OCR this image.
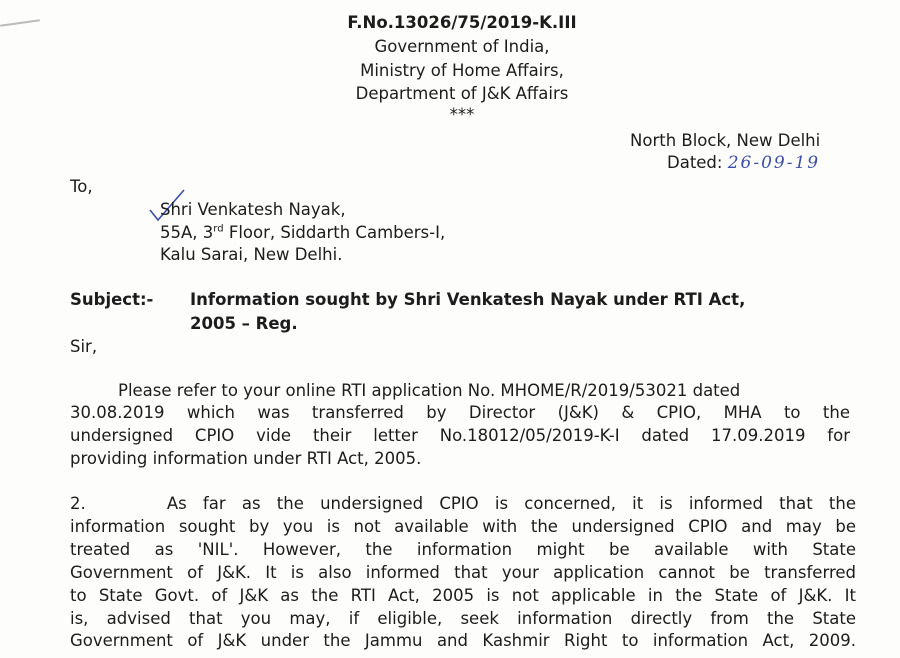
F.No.13026/75/2019-K.III
Government of India,
Ministry of Home Affairs,
Department of J&K Affairs
***
North Block, New Delhi
Dated: 26-09-19
To,
Shri Venkatesh Nayak,
55A, 3rd Floor, Siddarth Cambers-I,
Kalu Sarai, New Delhi.
Subject:- Information sought by Shri Venkatesh Nayak under RTI Act,
2005 – Reg.
Sir,
Please refer to your online RTI application No. MHOME/R/2019/53021 dated
30.08.2019 which was transferred by Director (J&K) & CPIO, MHA to the
undersigned CPIO vide their letter No.18012/05/2019-K-I dated 17.09.2019 for
providing information under RTI Act, 2005.
2.     As far as the undersigned CPIO is concerned, it is informed that the
information sought by you is not available with the undersigned CPIO and may be
treated as 'NIL'. However, the information might be available with State
Government of J&K. It is also informed that your application cannot be transferred
to State Govt. of J&K as the RTI Act, 2005 is not applicable in the State of J&K. It
is, advised that you may, if eligible, seek information directly from the State
Government of J&K under the Jammu and Kashmir Right to information Act, 2009.
